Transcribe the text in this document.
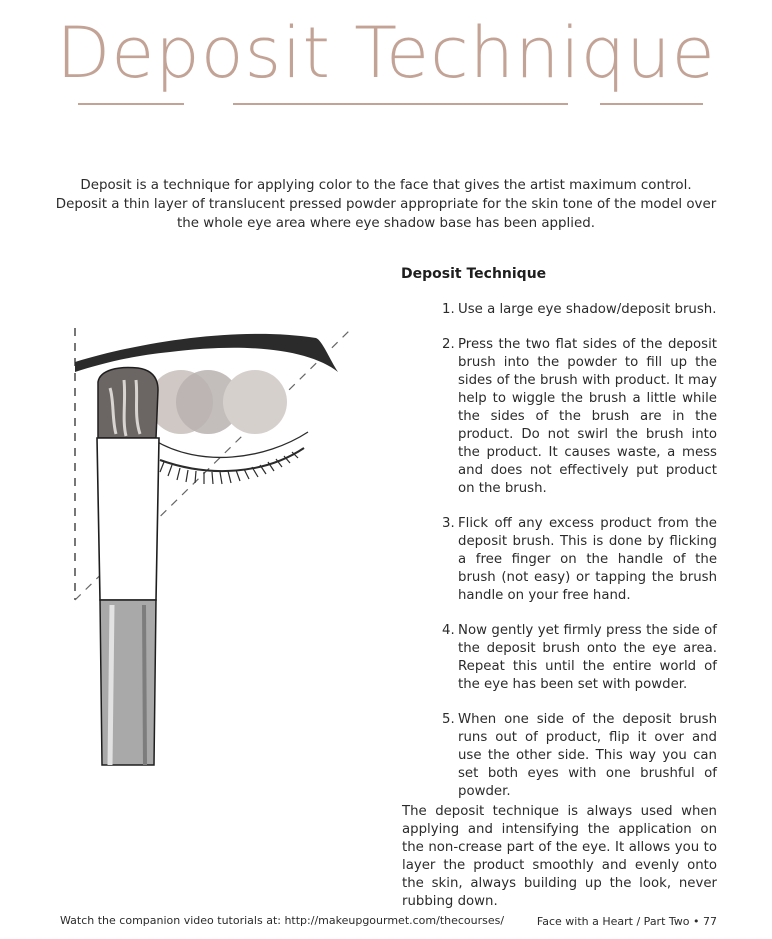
Deposit Technique

Deposit is a technique for applying color to the face that gives the artist maximum control. Deposit a thin layer of translucent pressed powder appropriate for the skin tone of the model over the whole eye area where eye shadow base has been applied.

Deposit Technique
1. Use a large eye shadow/deposit brush.
2. Press the two flat sides of the deposit brush into the powder to fill up the sides of the brush with product. It may help to wiggle the brush a little while the sides of the brush are in the product. Do not swirl the brush into the product. It causes waste, a mess and does not effectively put product on the brush.
3. Flick off any excess product from the deposit brush. This is done by flicking a free finger on the handle of the brush (not easy) or tapping the brush handle on your free hand.
4. Now gently yet firmly press the side of the deposit brush onto the eye area. Repeat this until the entire world of the eye has been set with powder.
5. When one side of the deposit brush runs out of product, flip it over and use the other side. This way you can set both eyes with one brushful of powder.

The deposit technique is always used when applying and intensifying the application on the non-crease part of the eye. It allows you to layer the product smoothly and evenly onto the skin, always building up the look, never rubbing down.

Watch the companion video tutorials at: http://makeupgourmet.com/thecourses/	Face with a Heart / Part Two • 77
